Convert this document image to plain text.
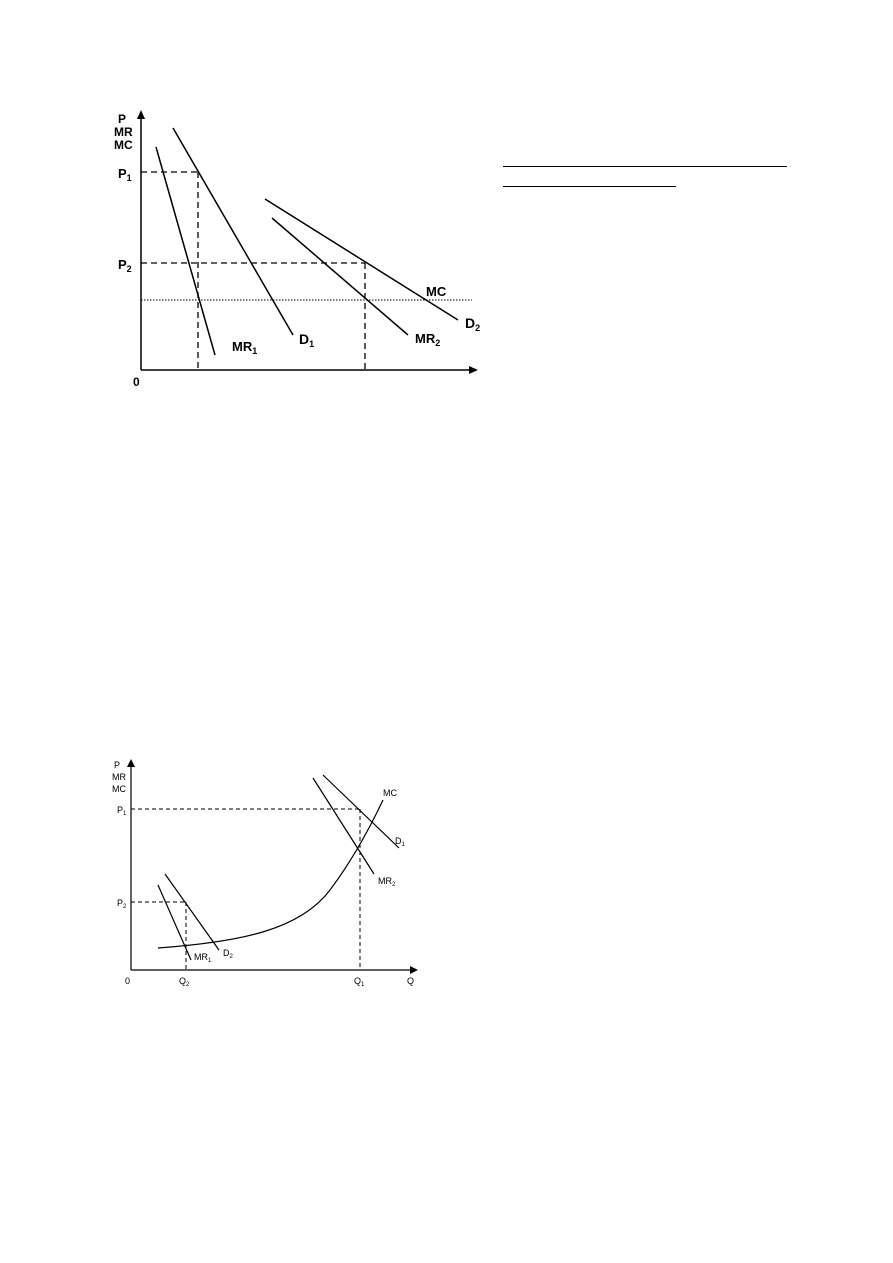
P MR MC
0
$P_1$
$P_2$
$MR_1$
$D_1$
MC
$MR_2$
$D_2$
P MR MC
0	Q
$P_1$
$P_2$
$Q_2$	$Q_1$
MC
$D_1$
$MR_2$
$MR_1$
$D_2$
